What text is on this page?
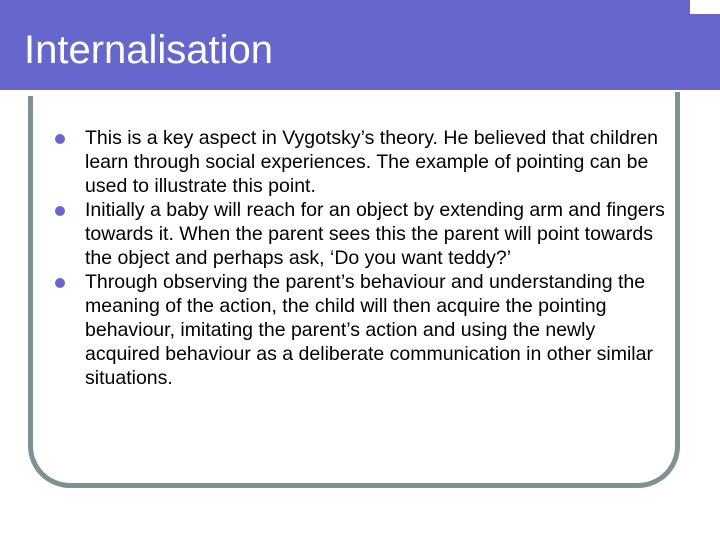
Internalisation
This is a key aspect in Vygotsky’s theory. He believed that children learn through social experiences. The example of pointing can be used to illustrate this point.
Initially a baby will reach for an object by extending arm and fingers towards it. When the parent sees this the parent will point towards the object and perhaps ask, ‘Do you want teddy?’
Through observing the parent’s behaviour and understanding the meaning of the action, the child will then acquire the pointing behaviour, imitating the parent’s action and using the newly acquired behaviour as a deliberate communication in other similar situations.
